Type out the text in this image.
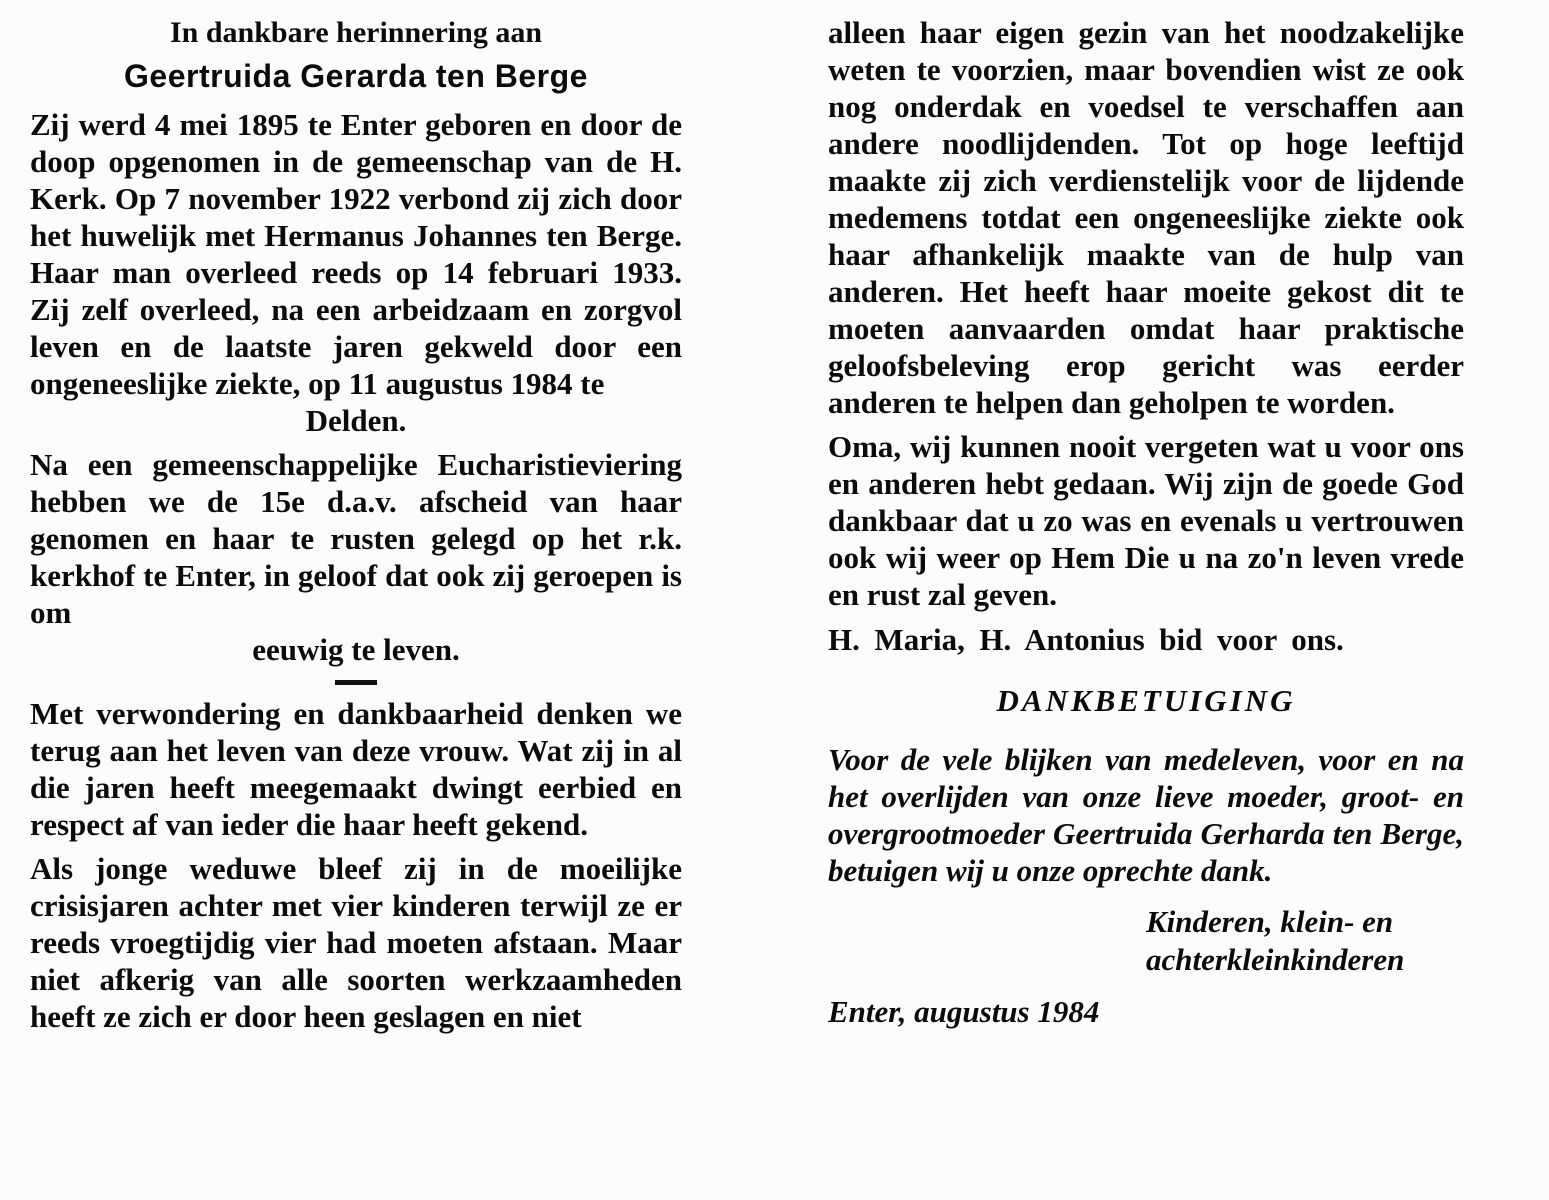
In dankbare herinnering aan
Geertruida Gerarda ten Berge

Zij werd 4 mei 1895 te Enter geboren en door de doop opgenomen in de gemeenschap van de H. Kerk. Op 7 november 1922 verbond zij zich door het huwelijk met Hermanus Johannes ten Berge. Haar man overleed reeds op 14 februari 1933. Zij zelf overleed, na een arbeidzaam en zorgvol leven en de laatste jaren gekweld door een ongeneeslijke ziekte, op 11 augustus 1984 te

Delden.

Na een gemeenschappelijke Eucharistieviering hebben we de 15e d.a.v. afscheid van haar genomen en haar te rusten gelegd op het r.k. kerkhof te Enter, in geloof dat ook zij geroepen is om

eeuwig te leven.

Met verwondering en dankbaarheid denken we terug aan het leven van deze vrouw. Wat zij in al die jaren heeft meegemaakt dwingt eerbied en respect af van ieder die haar heeft gekend.

Als jonge weduwe bleef zij in de moeilijke crisisjaren achter met vier kinderen terwijl ze er reeds vroegtijdig vier had moeten afstaan. Maar niet afkerig van alle soorten werkzaamheden heeft ze zich er door heen geslagen en niet

alleen haar eigen gezin van het noodzakelijke weten te voorzien, maar bovendien wist ze ook nog onderdak en voedsel te verschaffen aan andere noodlijdenden. Tot op hoge leeftijd maakte zij zich verdienstelijk voor de lijdende medemens totdat een ongeneeslijke ziekte ook haar afhankelijk maakte van de hulp van anderen. Het heeft haar moeite gekost dit te moeten aanvaarden omdat haar praktische geloofsbeleving erop gericht was eerder anderen te helpen dan geholpen te worden.

Oma, wij kunnen nooit vergeten wat u voor ons en anderen hebt gedaan. Wij zijn de goede God dankbaar dat u zo was en evenals u vertrouwen ook wij weer op Hem Die u na zo'n leven vrede en rust zal geven.

H. Maria, H. Antonius bid voor ons.
DANKBETUIGING

Voor de vele blijken van medeleven, voor en na het overlijden van onze lieve moeder, groot- en overgrootmoeder Geertruida Gerharda ten Berge, betuigen wij u onze oprechte dank.

Kinderen, klein- en
achterkleinkinderen
Enter, augustus 1984
